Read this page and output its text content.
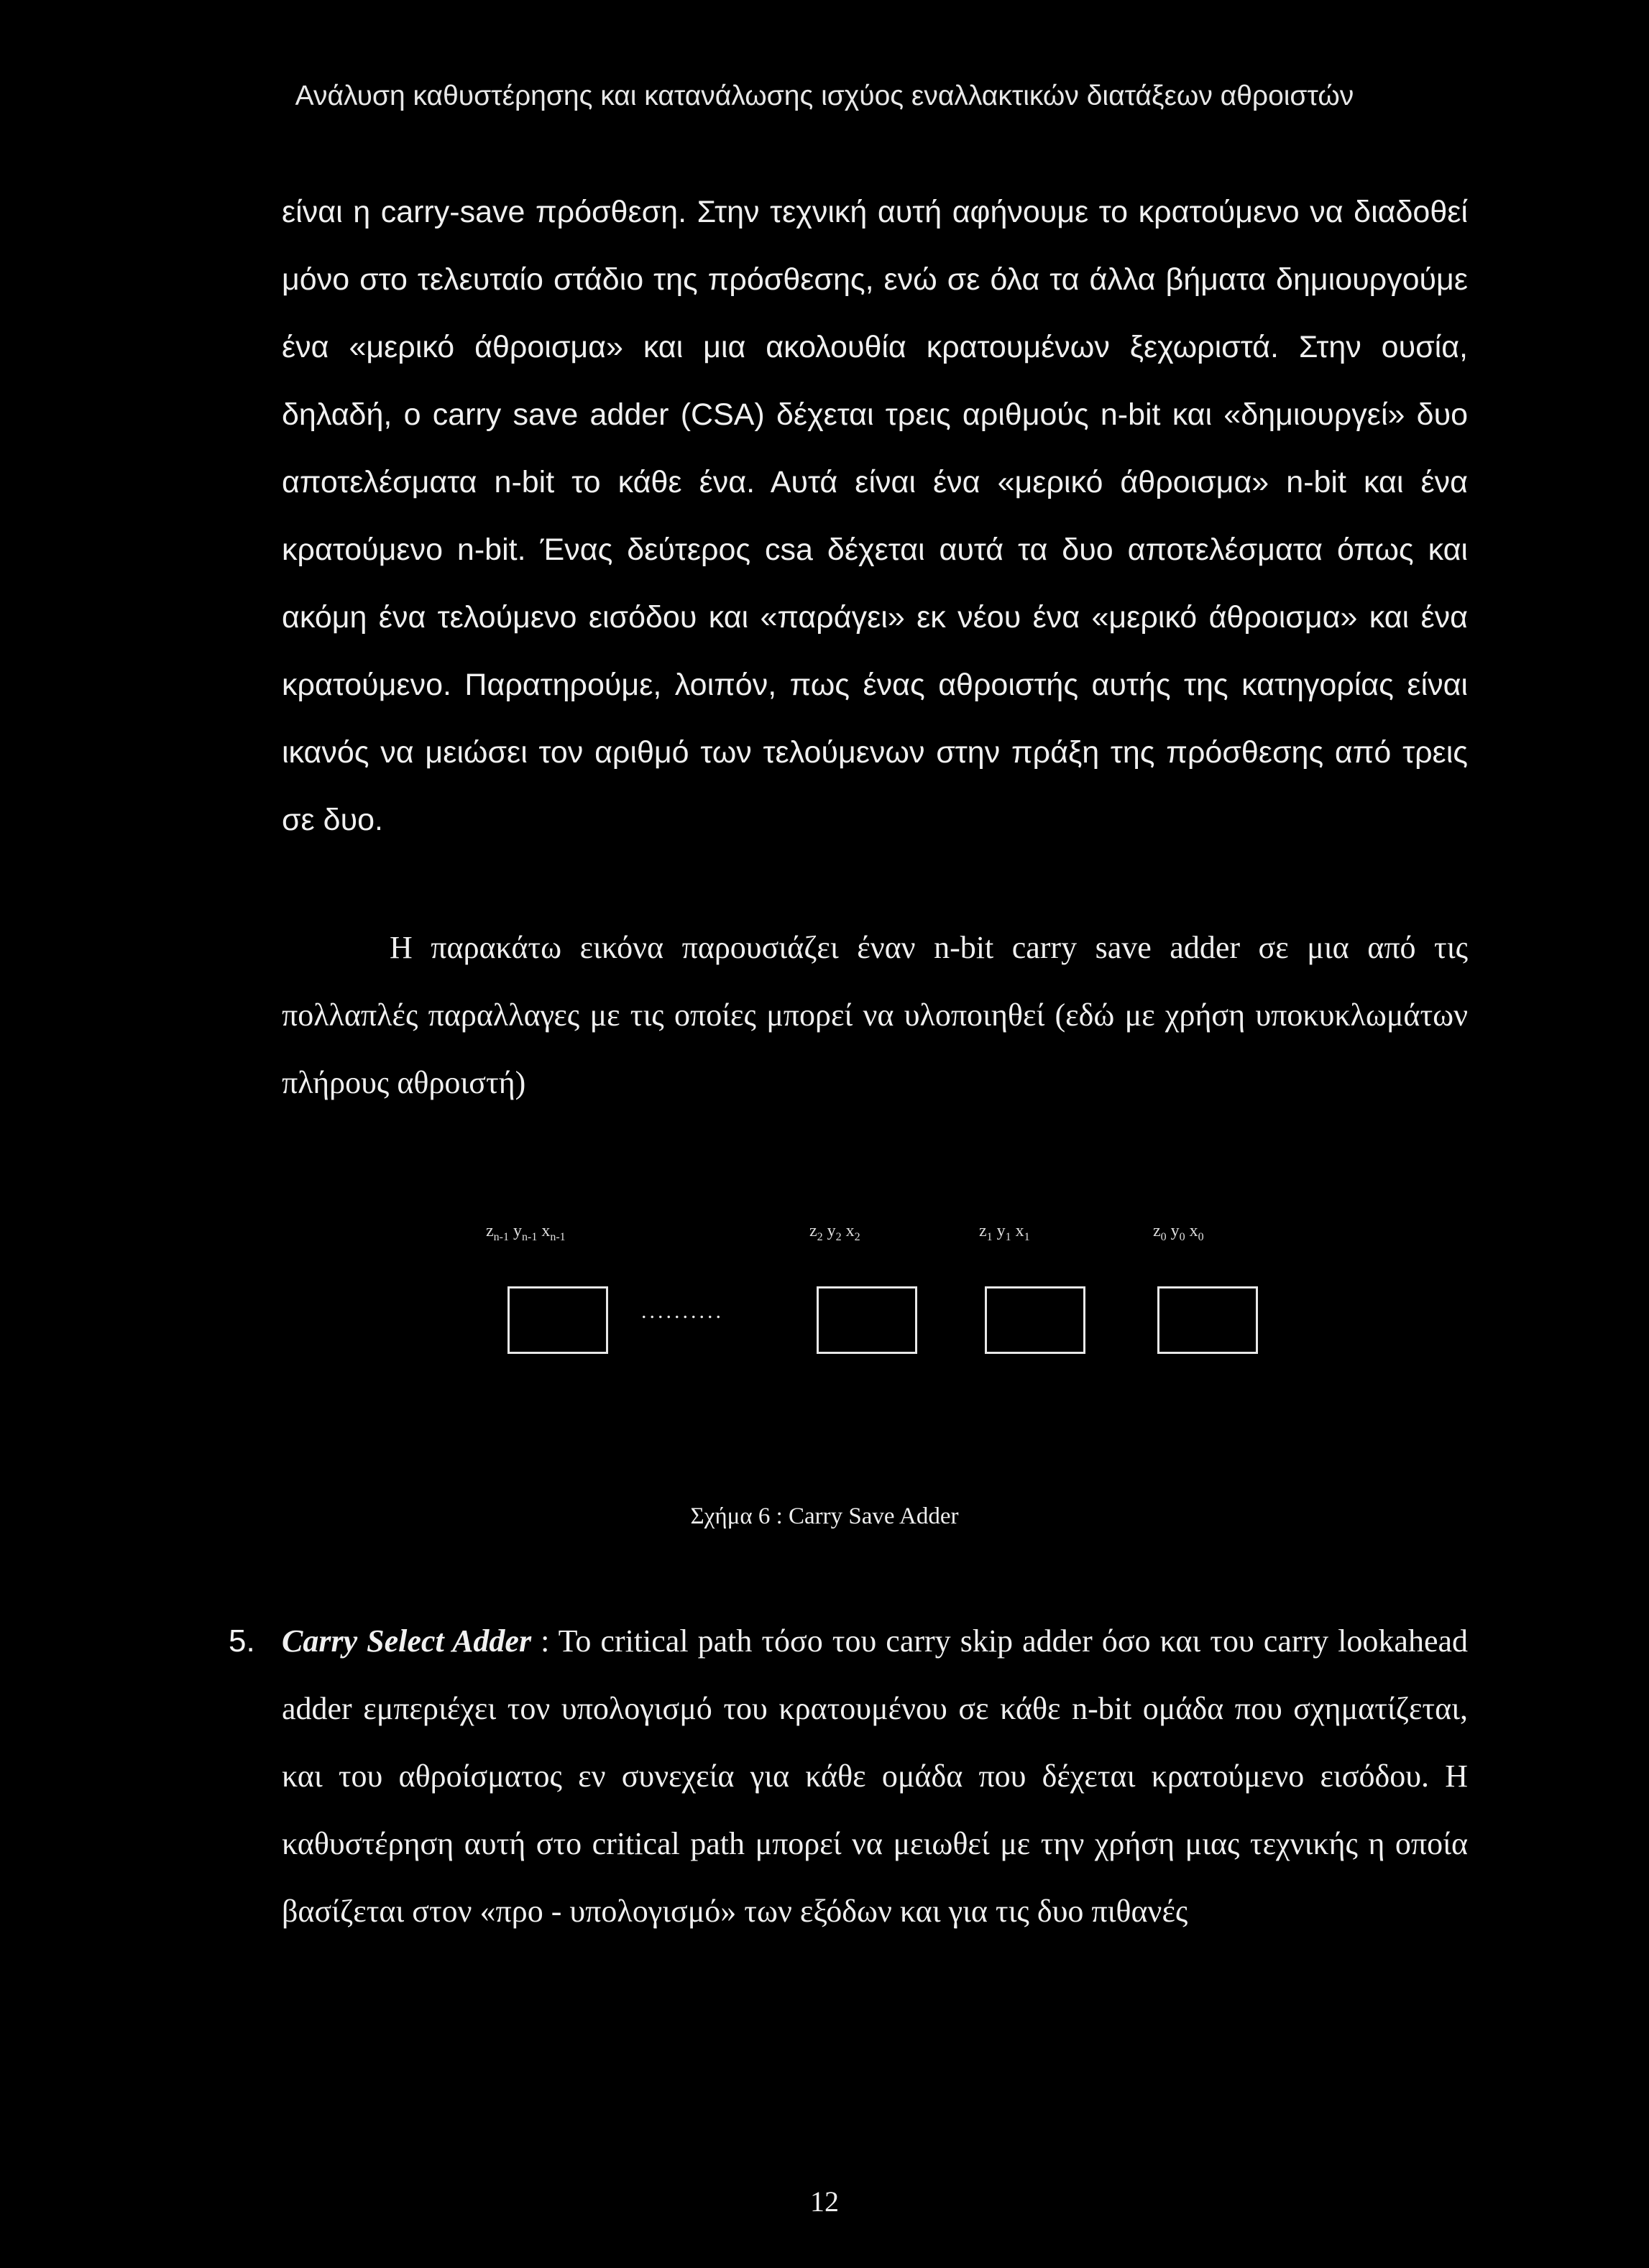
Ανάλυση καθυστέρησης και κατανάλωσης ισχύος εναλλακτικών διατάξεων αθροιστών

είναι η carry-save πρόσθεση. Στην τεχνική αυτή αφήνουμε το κρατούμενο να διαδοθεί μόνο στο τελευταίο στάδιο της πρόσθεσης, ενώ σε όλα τα άλλα βήματα δημιουργούμε ένα «μερικό άθροισμα» και μια ακολουθία κρατουμένων ξεχωριστά. Στην ουσία, δηλαδή, ο carry save adder (CSA) δέχεται τρεις αριθμούς n-bit και «δημιουργεί» δυο αποτελέσματα n-bit το κάθε ένα. Αυτά είναι ένα «μερικό άθροισμα» n-bit και ένα κρατούμενο n-bit. Ένας δεύτερος csa δέχεται αυτά τα δυο αποτελέσματα όπως και ακόμη ένα τελούμενο εισόδου και «παράγει» εκ νέου ένα «μερικό άθροισμα» και ένα κρατούμενο. Παρατηρούμε, λοιπόν, πως ένας αθροιστής αυτής της κατηγορίας είναι ικανός να μειώσει τον αριθμό των τελούμενων στην πράξη της πρόσθεσης από τρεις σε δυο.

Η παρακάτω εικόνα παρουσιάζει έναν n-bit carry save adder σε μια από τις πολλαπλές παραλλαγες με τις οποίες μπορεί να υλοποιηθεί (εδώ με χρήση υποκυκλωμάτων πλήρους αθροιστή)

$z_{n-1}$ $y_{n-1}$ $x_{n-1}$	$z_2$ $y_2$ $x_2$	$z_1$ $y_1$ $x_1$	$z_0$ $y_0$ $x_0$
..........
Σχήμα 6 : Carry Save Adder
5. Carry Select Adder : To critical path τόσο του carry skip adder όσο και του carry lookahead adder εμπεριέχει τον υπολογισμό του κρατουμένου σε κάθε n-bit ομάδα που σχηματίζεται, και του αθροίσματος εν συνεχεία για κάθε ομάδα που δέχεται κρατούμενο εισόδου. Η καθυστέρηση αυτή στο critical path μπορεί να μειωθεί με την χρήση μιας τεχνικής η οποία βασίζεται στον «προ - υπολογισμό» των εξόδων και για τις δυο πιθανές

12
